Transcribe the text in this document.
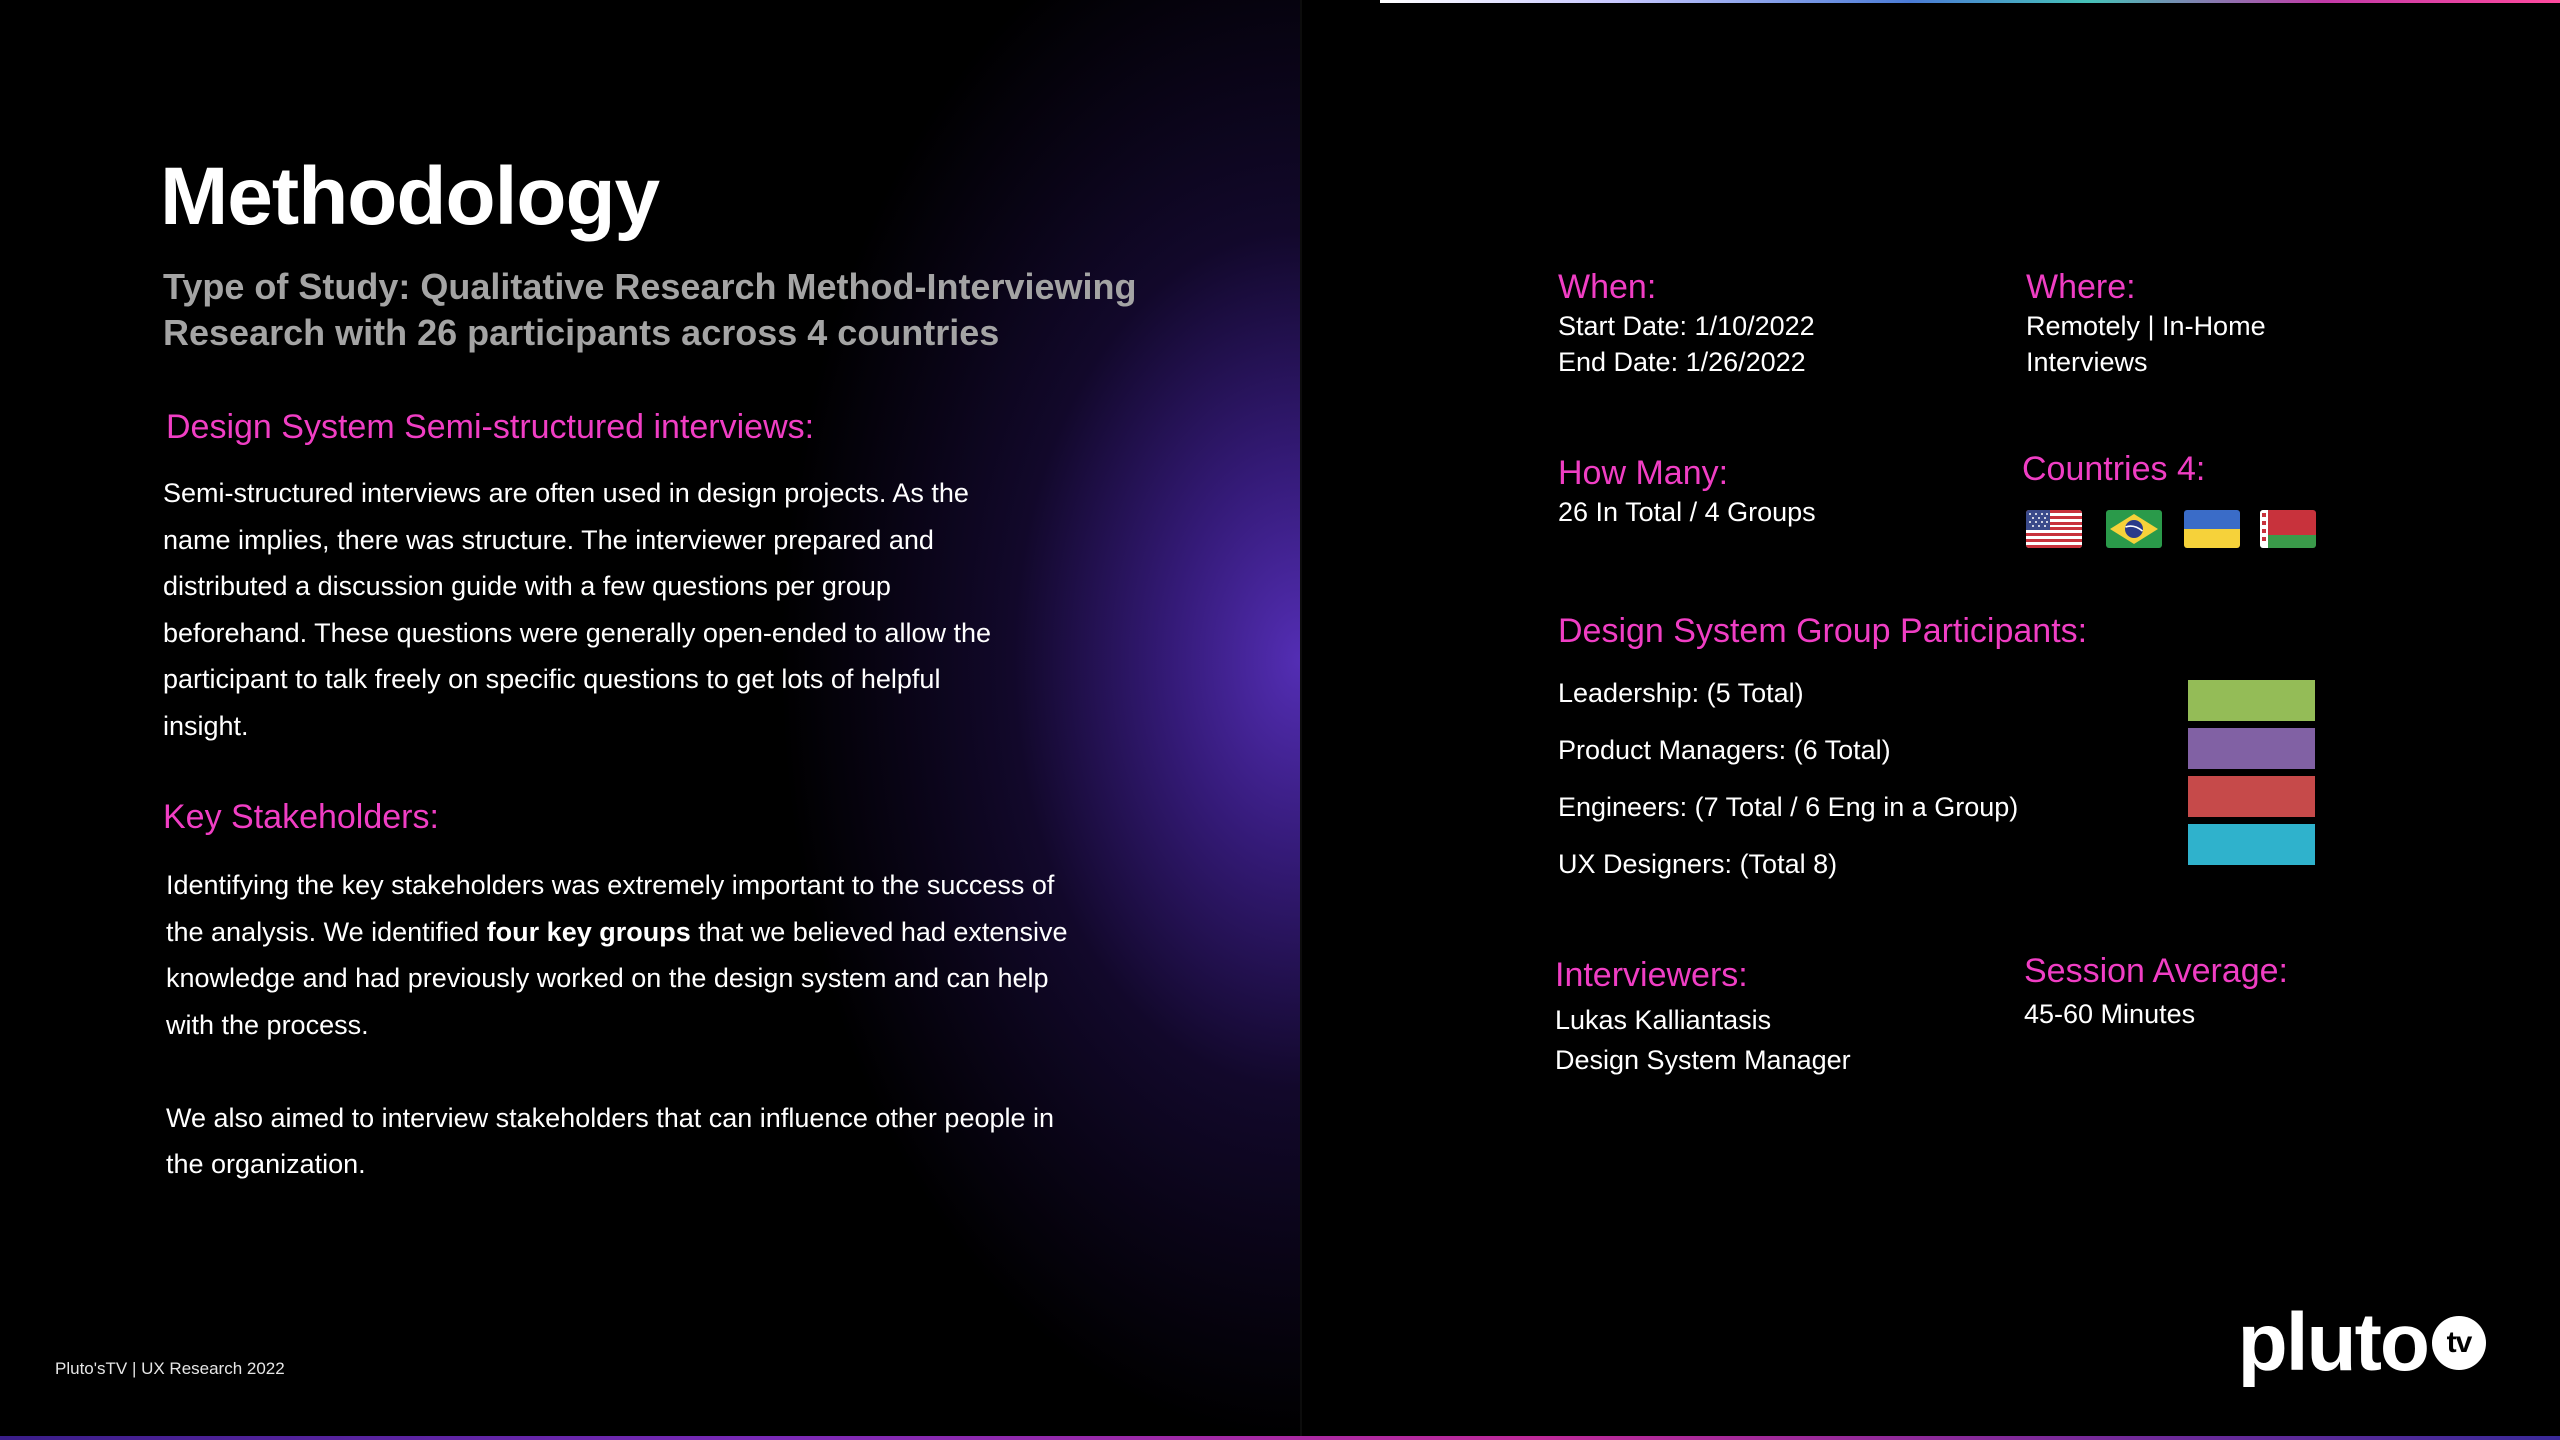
Methodology
Type of Study: Qualitative Research Method-Interviewing
Research with 26 participants across 4 countries
Design System Semi-structured interviews:
Semi-structured interviews are often used in design projects. As the
name implies, there was structure. The interviewer prepared and
distributed a discussion guide with a few questions per group
beforehand. These questions were generally open-ended to allow the
participant to talk freely on specific questions to get lots of helpful
insight.
Key Stakeholders:
Identifying the key stakeholders was extremely important to the success of
the analysis. We identified four key groups that we believed had extensive
knowledge and had previously worked on the design system and can help
with the process.
We also aimed to interview stakeholders that can influence other people in
the organization.
Pluto'sTV | UX Research 2022
When:
Start Date: 1/10/2022
End Date: 1/26/2022
Where:
Remotely | In-Home
Interviews
How Many:
26 In Total / 4 Groups
Countries 4:
Design System Group Participants:
Leadership: (5 Total)
Product Managers: (6 Total)
Engineers: (7 Total / 6 Eng in a Group)
UX Designers: (Total 8)
Interviewers:
Lukas Kalliantasis
Design System Manager
Session Average:
45-60 Minutes
pluto tv
